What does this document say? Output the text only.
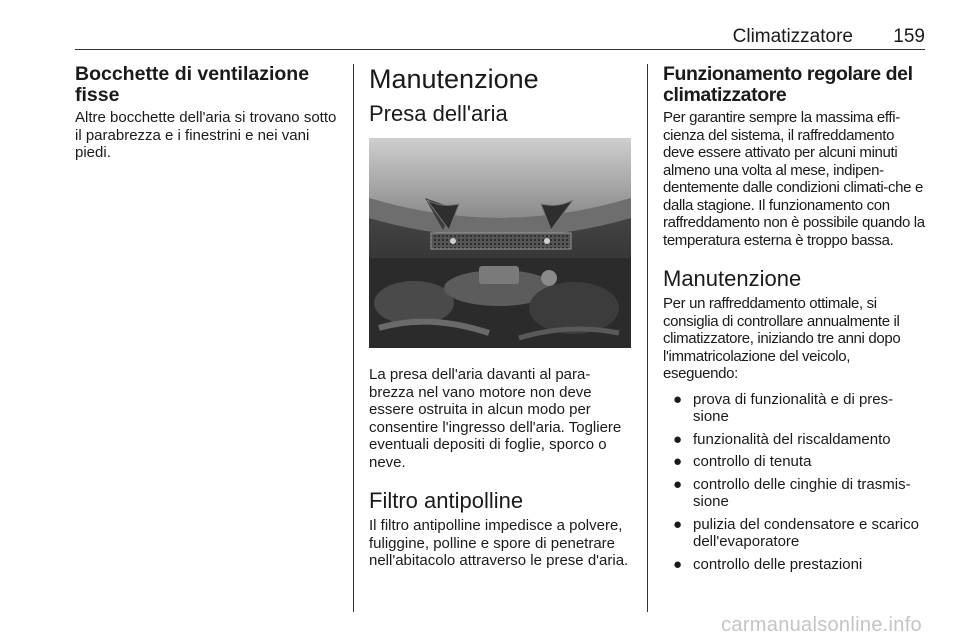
Climatizzatore 159
Bocchette di ventilazione fisse

Altre bocchette dell'aria si trovano sotto il parabrezza e i finestrini e nei vani piedi.

Manutenzione
Presa dell'aria

La presa dell'aria davanti al para-brezza nel vano motore non deve essere ostruita in alcun modo per consentire l'ingresso dell'aria. Togliere eventuali depositi di foglie, sporco o neve.

Filtro antipolline

Il filtro antipolline impedisce a polvere, fuliggine, polline e spore di penetrare nell'abitacolo attraverso le prese d'aria.

Funzionamento regolare del climatizzatore

Per garantire sempre la massima effi-cienza del sistema, il raffreddamento deve essere attivato per alcuni minuti almeno una volta al mese, indipen-dentemente dalle condizioni climati-che e dalla stagione. Il funzionamento con raffreddamento non è possibile quando la temperatura esterna è troppo bassa.

Manutenzione

Per un raffreddamento ottimale, si consiglia di controllare annualmente il climatizzatore, iniziando tre anni dopo l'immatricolazione del veicolo, eseguendo:

● prova di funzionalità e di pres-sione
● funzionalità del riscaldamento
● controllo di tenuta
● controllo delle cinghie di trasmis-sione
● pulizia del condensatore e scarico dell'evaporatore
● controllo delle prestazioni
carmanualsonline.info
